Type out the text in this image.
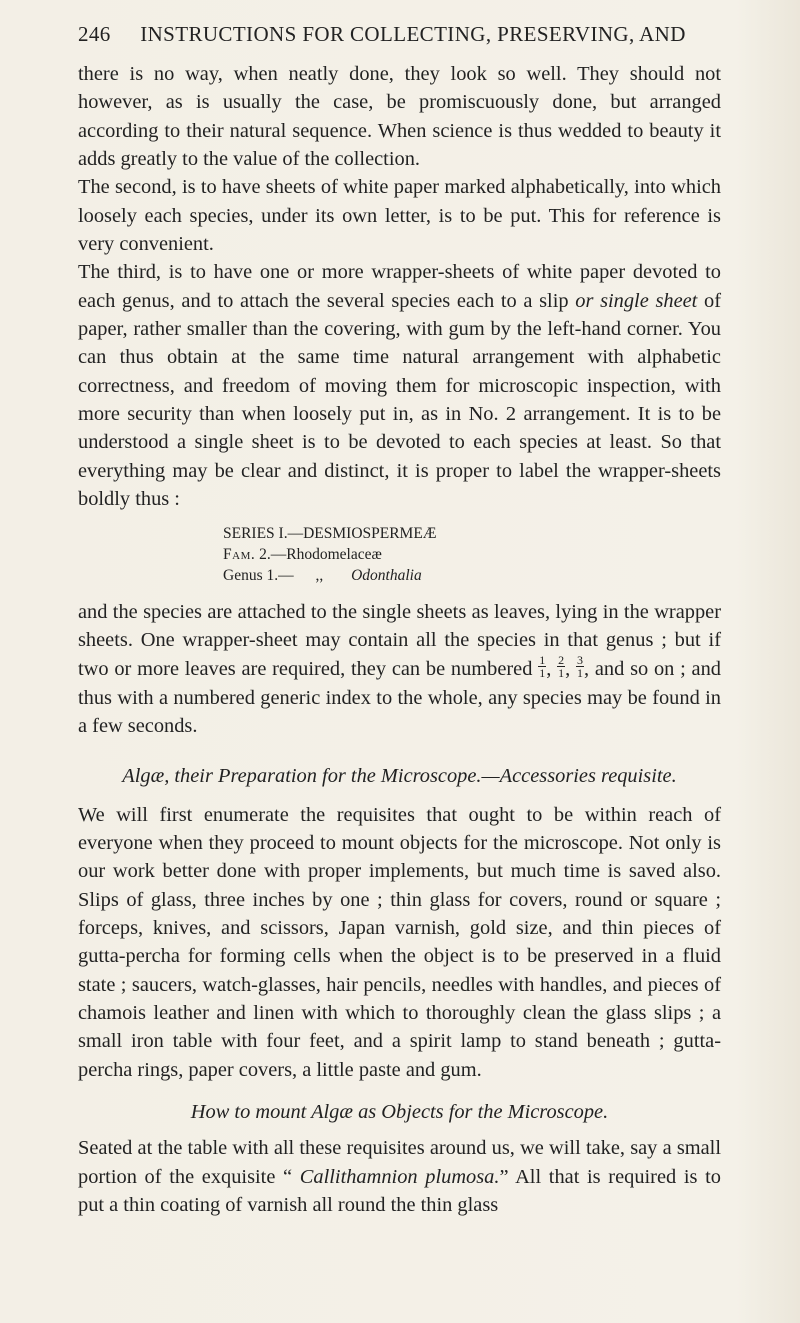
246	INSTRUCTIONS FOR COLLECTING, PRESERVING, AND

there is no way, when neatly done, they look so well. They should not however, as is usually the case, be promiscuously done, but arranged according to their natural sequence. When science is thus wedded to beauty it adds greatly to the value of the collection.

The second, is to have sheets of white paper marked alphabetically, into which loosely each species, under its own letter, is to be put. This for reference is very convenient.

The third, is to have one or more wrapper-sheets of white paper devoted to each genus, and to attach the several species each to a slip or single sheet of paper, rather smaller than the covering, with gum by the left-hand corner. You can thus obtain at the same time natural arrangement with alphabetic correctness, and freedom of moving them for microscopic inspection, with more security than when loosely put in, as in No. 2 arrangement. It is to be understood a single sheet is to be devoted to each species at least. So that everything may be clear and distinct, it is proper to label the wrapper-sheets boldly thus :

SERIES I.—DESMIOSPERMEÆ
Fam. 2.—Rhodomelaceæ
Genus 1.— ,, Odonthalia

and the species are attached to the single sheets as leaves, lying in the wrapper sheets. One wrapper-sheet may contain all the species in that genus ; but if two or more leaves are required, they can be numbered $\frac{1}{1}$ , $\frac{2}{1}$ , $\frac{3}{1}$ , and so on ; and thus with a numbered generic index to the whole, any species may be found in a few seconds.

Algæ, their Preparation for the Microscope.—Accessories requisite.

We will first enumerate the requisites that ought to be within reach of everyone when they proceed to mount objects for the microscope. Not only is our work better done with proper implements, but much time is saved also. Slips of glass, three inches by one ; thin glass for covers, round or square ; forceps, knives, and scissors, Japan varnish, gold size, and thin pieces of gutta-percha for forming cells when the object is to be preserved in a fluid state ; saucers, watch-glasses, hair pencils, needles with handles, and pieces of chamois leather and linen with which to thoroughly clean the glass slips ; a small iron table with four feet, and a spirit lamp to stand beneath ; gutta-percha rings, paper covers, a little paste and gum.

How to mount Algæ as Objects for the Microscope.

Seated at the table with all these requisites around us, we will take, say a small portion of the exquisite “ Callithamnion plumosa.” All that is required is to put a thin coating of varnish all round the thin glass
